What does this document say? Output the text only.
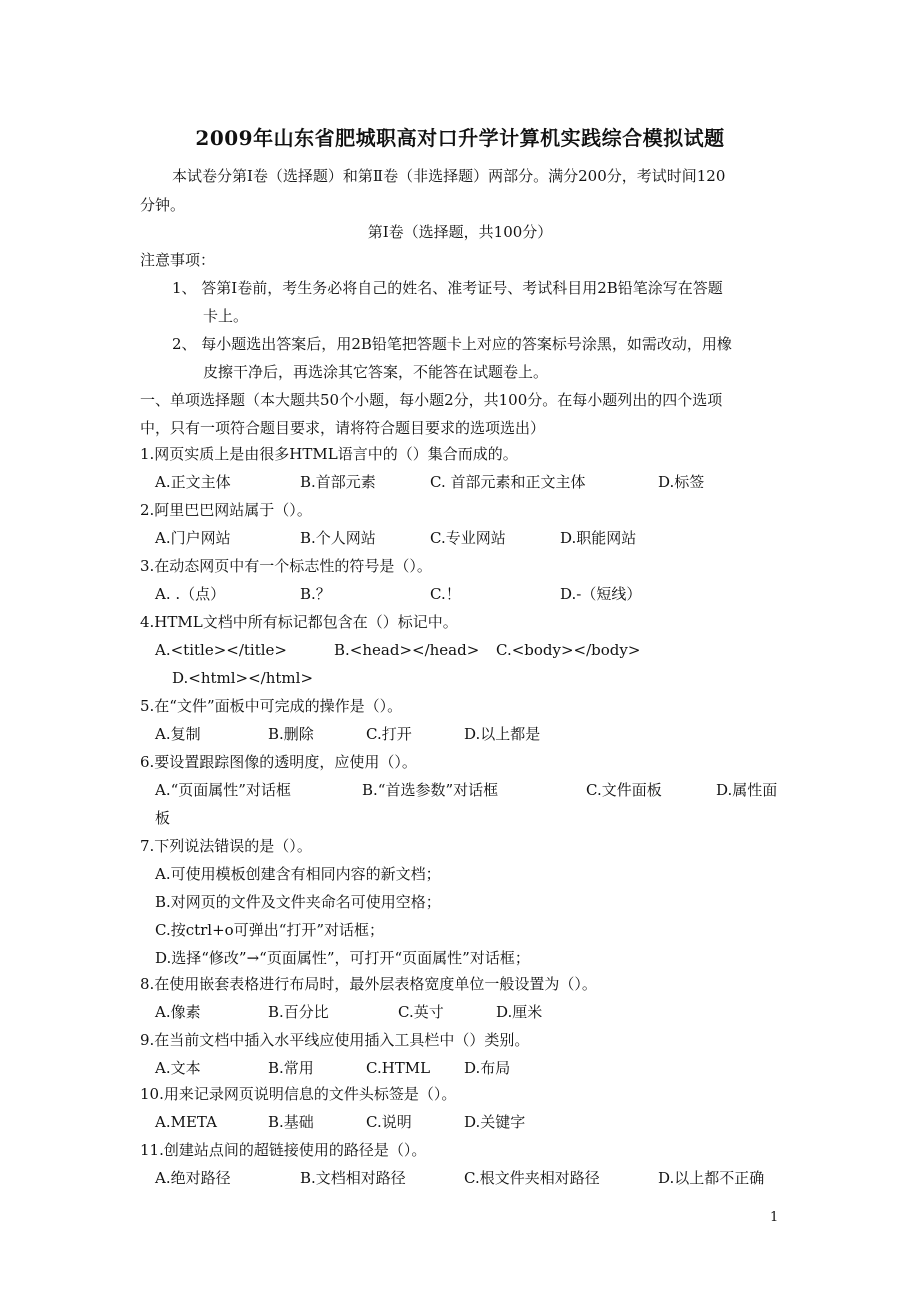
2009年山东省肥城职高对口升学计算机实践综合模拟试题
本试卷分第Ⅰ卷（选择题）和第Ⅱ卷（非选择题）两部分。满分200分，考试时间120
分钟。
第Ⅰ卷（选择题，共100分）
注意事项：
1、 答第Ⅰ卷前，考生务必将自己的姓名、准考证号、考试科目用2B铅笔涂写在答题
卡上。
2、 每小题选出答案后，用2B铅笔把答题卡上对应的答案标号涂黑，如需改动，用橡
皮擦干净后，再选涂其它答案，不能答在试题卷上。
一、单项选择题（本大题共50个小题，每小题2分，共100分。在每小题列出的四个选项
中，只有一项符合题目要求，请将符合题目要求的选项选出）
1.网页实质上是由很多HTML语言中的（）集合而成的。
A.正文主体	B.首部元素	C. 首部元素和正文主体	D.标签
2.阿里巴巴网站属于（）。
A.门户网站	B.个人网站	C.专业网站	D.职能网站
3.在动态网页中有一个标志性的符号是（）。
A. .（点）	B.？	C.！	D.-（短线）
4.HTML文档中所有标记都包含在（）标记中。
A.<title></title>	B.<head></head> C.<body></body>
D.<html></html>
5.在“文件”面板中可完成的操作是（）。
A.复制	B.删除	C.打开	D.以上都是
6.要设置跟踪图像的透明度，应使用（）。
A.“页面属性”对话框	B.“首选参数”对话框	C.文件面板	D.属性面
板
7.下列说法错误的是（）。
A.可使用模板创建含有相同内容的新文档；
B.对网页的文件及文件夹命名可使用空格；
C.按ctrl+o可弹出“打开”对话框；
D.选择“修改”→“页面属性”，可打开“页面属性”对话框；
8.在使用嵌套表格进行布局时，最外层表格宽度单位一般设置为（）。
A.像素	B.百分比	C.英寸	D.厘米
9.在当前文档中插入水平线应使用插入工具栏中（）类别。
A.文本	B.常用	C.HTML D.布局
10.用来记录网页说明信息的文件头标签是（）。
A.META	B.基础	C.说明	D.关键字
11.创建站点间的超链接使用的路径是（）。
A.绝对路径	B.文档相对路径	C.根文件夹相对路径	D.以上都不正确
1
